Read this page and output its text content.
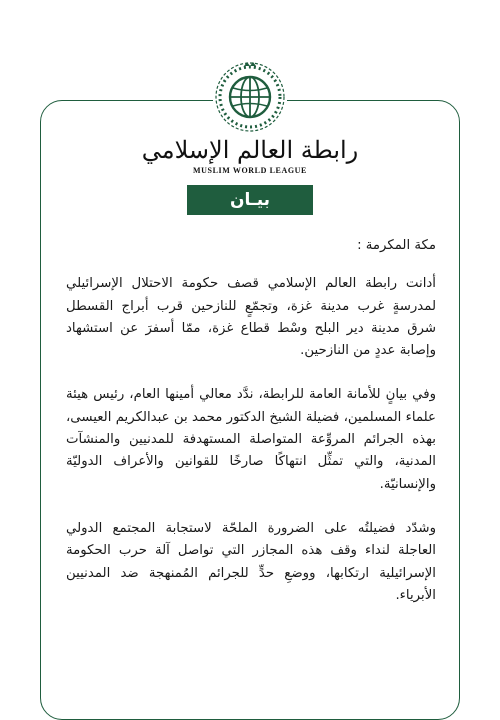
رابطة العالم الإسلامي
MUSLIM WORLD LEAGUE
بيـان

مكة المكرمة :

أدانت رابطة العالم الإسلامي قصف حكومة الاحتلال الإسرائيلي لمدرسةٍ غرب مدينة غزة، وتجمّعٍ للنازحين قرب أبراج القسطل شرق مدينة دير البلح وسْط قطاع غزة، ممّا أسفرَ عن استشهاد وإصابة عددٍ من النازحين.

وفي بيانٍ للأمانة العامة للرابطة، ندَّد معالي أمينها العام، رئيس هيئة علماء المسلمين، فضيلة الشيخ الدكتور محمد بن عبدالكريم العيسى، بهذه الجرائم المروِّعة المتواصلة المستهدفة للمدنيين والمنشآت المدنية، والتي تمثِّل انتهاكًا صارخًا للقوانين والأعراف الدوليّة والإنسانيّة.

وشدّد فضيلتُه على الضرورة الملحّة لاستجابة المجتمع الدولي العاجلة لنداء وقف هذه المجازر التي تواصل آلة حرب الحكومة الإسرائيلية ارتكابها، ووضعِ حدٍّ للجرائم المُمنهجة ضد المدنيين الأبرياء.
